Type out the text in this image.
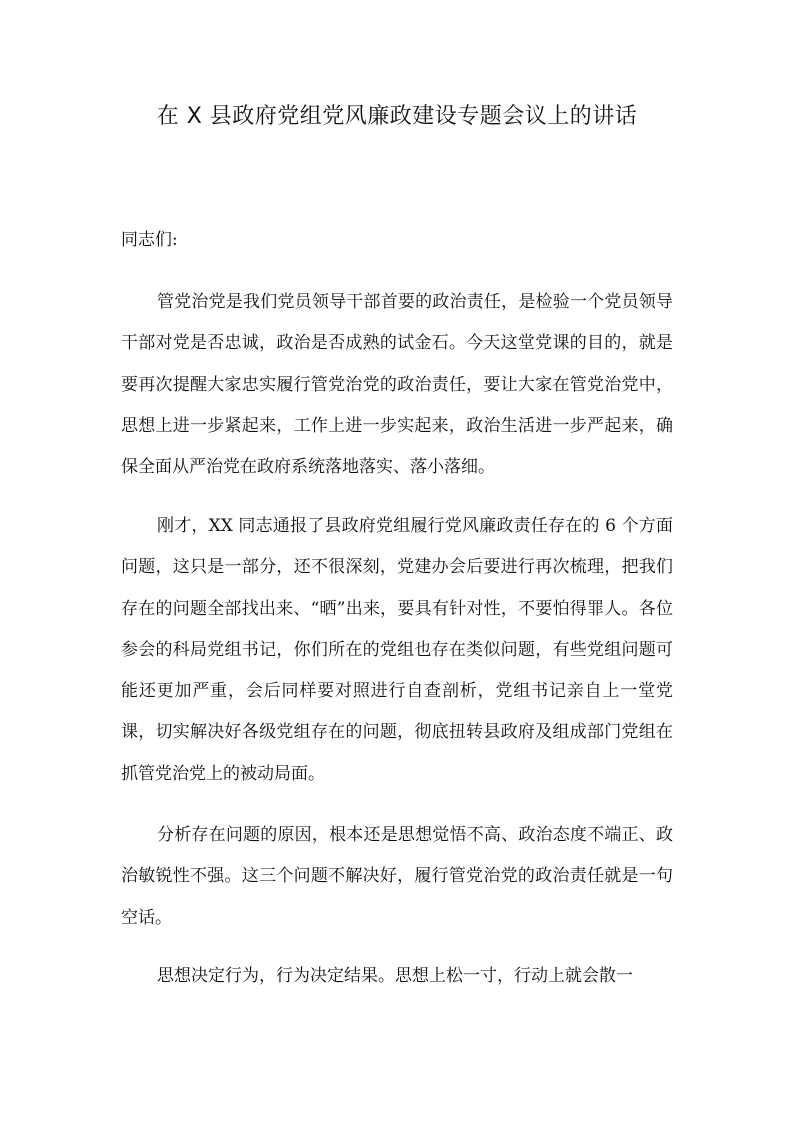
在 X 县政府党组党风廉政建设专题会议上的讲话
同志们:

管党治党是我们党员领导干部首要的政治责任，是检验一个党员领导干部对党是否忠诚，政治是否成熟的试金石。今天这堂党课的目的，就是要再次提醒大家忠实履行管党治党的政治责任，要让大家在管党治党中，思想上进一步紧起来，工作上进一步实起来，政治生活进一步严起来，确保全面从严治党在政府系统落地落实、落小落细。

刚才，XX 同志通报了县政府党组履行党风廉政责任存在的 6 个方面问题，这只是一部分，还不很深刻，党建办会后要进行再次梳理，把我们存在的问题全部找出来、“晒”出来，要具有针对性，不要怕得罪人。各位参会的科局党组书记，你们所在的党组也存在类似问题，有些党组问题可能还更加严重，会后同样要对照进行自查剖析，党组书记亲自上一堂党课，切实解决好各级党组存在的问题，彻底扭转县政府及组成部门党组在抓管党治党上的被动局面。

分析存在问题的原因，根本还是思想觉悟不高、政治态度不端正、政治敏锐性不强。这三个问题不解决好，履行管党治党的政治责任就是一句空话。

思想决定行为，行为决定结果。思想上松一寸，行动上就会散一
